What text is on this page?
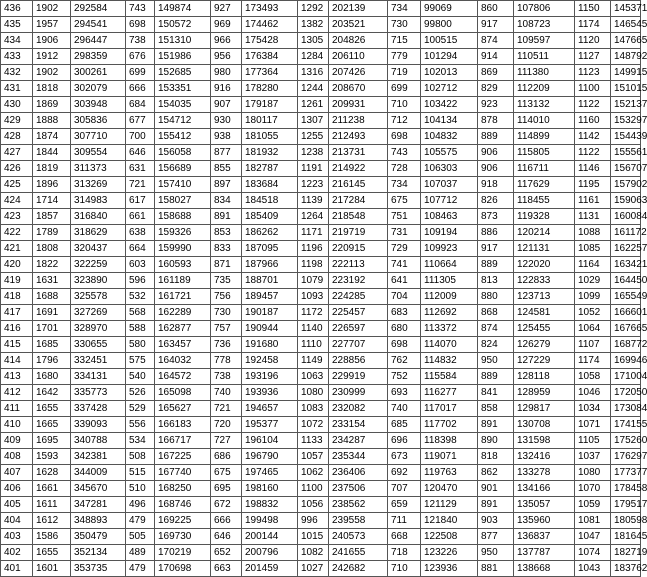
436	1902	292584	743	149874	927	173493	1292	202139	734	99069	860	107806	1150	145371
435	1957	294541	698	150572	969	174462	1382	203521	730	99800	917	108723	1174	146545
434	1906	296447	738	151310	966	175428	1305	204826	715	100515	874	109597	1120	147665
433	1912	298359	676	151986	956	176384	1284	206110	779	101294	914	110511	1127	148792
432	1902	300261	699	152685	980	177364	1316	207426	719	102013	869	111380	1123	149915
431	1818	302079	666	153351	916	178280	1244	208670	699	102712	829	112209	1100	151015
430	1869	303948	684	154035	907	179187	1261	209931	710	103422	923	113132	1122	152137
429	1888	305836	677	154712	930	180117	1307	211238	712	104134	878	114010	1160	153297
428	1874	307710	700	155412	938	181055	1255	212493	698	104832	889	114899	1142	154439
427	1844	309554	646	156058	877	181932	1238	213731	743	105575	906	115805	1122	155561
426	1819	311373	631	156689	855	182787	1191	214922	728	106303	906	116711	1146	156707
425	1896	313269	721	157410	897	183684	1223	216145	734	107037	918	117629	1195	157902
424	1714	314983	617	158027	834	184518	1139	217284	675	107712	826	118455	1161	159063
423	1857	316840	661	158688	891	185409	1264	218548	751	108463	873	119328	1131	160084
422	1789	318629	638	159326	853	186262	1171	219719	731	109194	886	120214	1088	161172
421	1808	320437	664	159990	833	187095	1196	220915	729	109923	917	121131	1085	162257
420	1822	322259	603	160593	871	187966	1198	222113	741	110664	889	122020	1164	163421
419	1631	323890	596	161189	735	188701	1079	223192	641	111305	813	122833	1029	164450
418	1688	325578	532	161721	756	189457	1093	224285	704	112009	880	123713	1099	165549
417	1691	327269	568	162289	730	190187	1172	225457	683	112692	868	124581	1052	166601
416	1701	328970	588	162877	757	190944	1140	226597	680	113372	874	125455	1064	167665
415	1685	330655	580	163457	736	191680	1110	227707	698	114070	824	126279	1107	168772
414	1796	332451	575	164032	778	192458	1149	228856	762	114832	950	127229	1174	169946
413	1680	334131	540	164572	738	193196	1063	229919	752	115584	889	128118	1058	171004
412	1642	335773	526	165098	740	193936	1080	230999	693	116277	841	128959	1046	172050
411	1655	337428	529	165627	721	194657	1083	232082	740	117017	858	129817	1034	173084
410	1665	339093	556	166183	720	195377	1072	233154	685	117702	891	130708	1071	174155
409	1695	340788	534	166717	727	196104	1133	234287	696	118398	890	131598	1105	175260
408	1593	342381	508	167225	686	196790	1057	235344	673	119071	818	132416	1037	176297
407	1628	344009	515	167740	675	197465	1062	236406	692	119763	862	133278	1080	177377
406	1661	345670	510	168250	695	198160	1100	237506	707	120470	901	134166	1070	178458
405	1611	347281	496	168746	672	198832	1056	238562	659	121129	891	135057	1059	179517
404	1612	348893	479	169225	666	199498	996	239558	711	121840	903	135960	1081	180598
403	1586	350479	505	169730	646	200144	1015	240573	668	122508	877	136837	1047	181645
402	1655	352134	489	170219	652	200796	1082	241655	718	123226	950	137787	1074	182719
401	1601	353735	479	170698	663	201459	1027	242682	710	123936	881	138668	1043	183762
